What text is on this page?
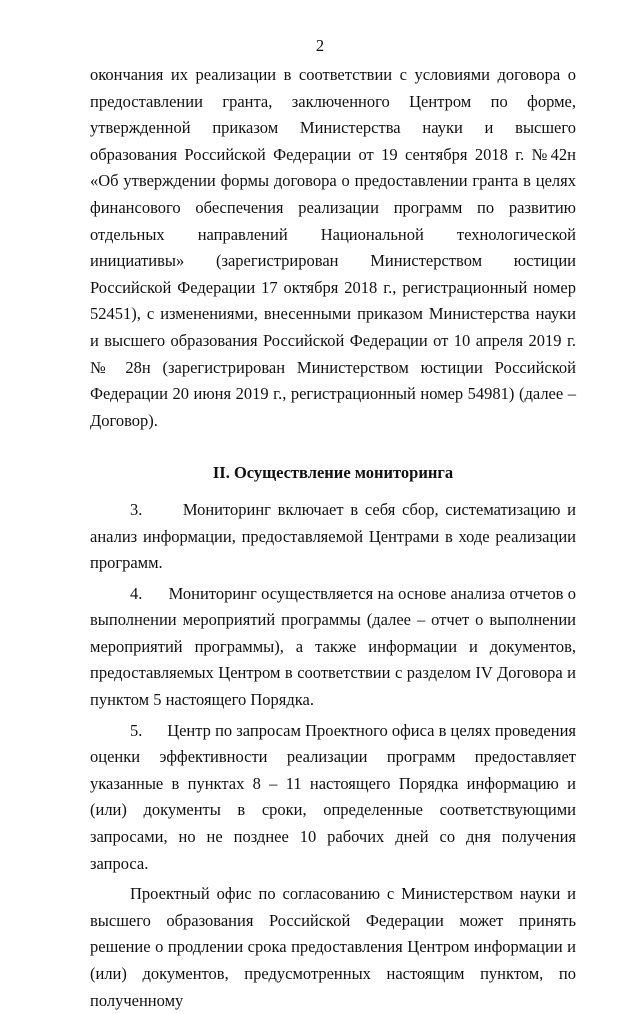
2

окончания их реализации в соответствии с условиями договора о предоставлении гранта, заключенного Центром по форме, утвержденной приказом Министерства науки и высшего образования Российской Федерации от 19 сентября 2018 г. №42н «Об утверждении формы договора о предоставлении гранта в целях финансового обеспечения реализации программ по развитию отдельных направлений Национальной технологической инициативы» (зарегистрирован Министерством юстиции Российской Федерации 17 октября 2018 г., регистрационный номер 52451), с изменениями, внесенными приказом Министерства науки и высшего образования Российской Федерации от 10 апреля 2019 г. № 28н (зарегистрирован Министерством юстиции Российской Федерации 20 июня 2019 г., регистрационный номер 54981) (далее – Договор).

II. Осуществление мониторинга

3.      Мониторинг включает в себя сбор, систематизацию и анализ информации, предоставляемой Центрами в ходе реализации программ.

4.      Мониторинг осуществляется на основе анализа отчетов о выполнении мероприятий программы (далее – отчет о выполнении мероприятий программы), а также информации и документов, предоставляемых Центром в соответствии с разделом IV Договора и пунктом 5 настоящего Порядка.

5.      Центр по запросам Проектного офиса в целях проведения оценки эффективности реализации программ предоставляет указанные в пунктах 8 – 11 настоящего Порядка информацию и (или) документы в сроки, определенные соответствующими запросами, но не позднее 10 рабочих дней со дня получения запроса.

Проектный офис по согласованию с Министерством науки и высшего образования Российской Федерации может принять решение о продлении срока предоставления Центром информации и (или) документов, предусмотренных настоящим пунктом, по полученному
